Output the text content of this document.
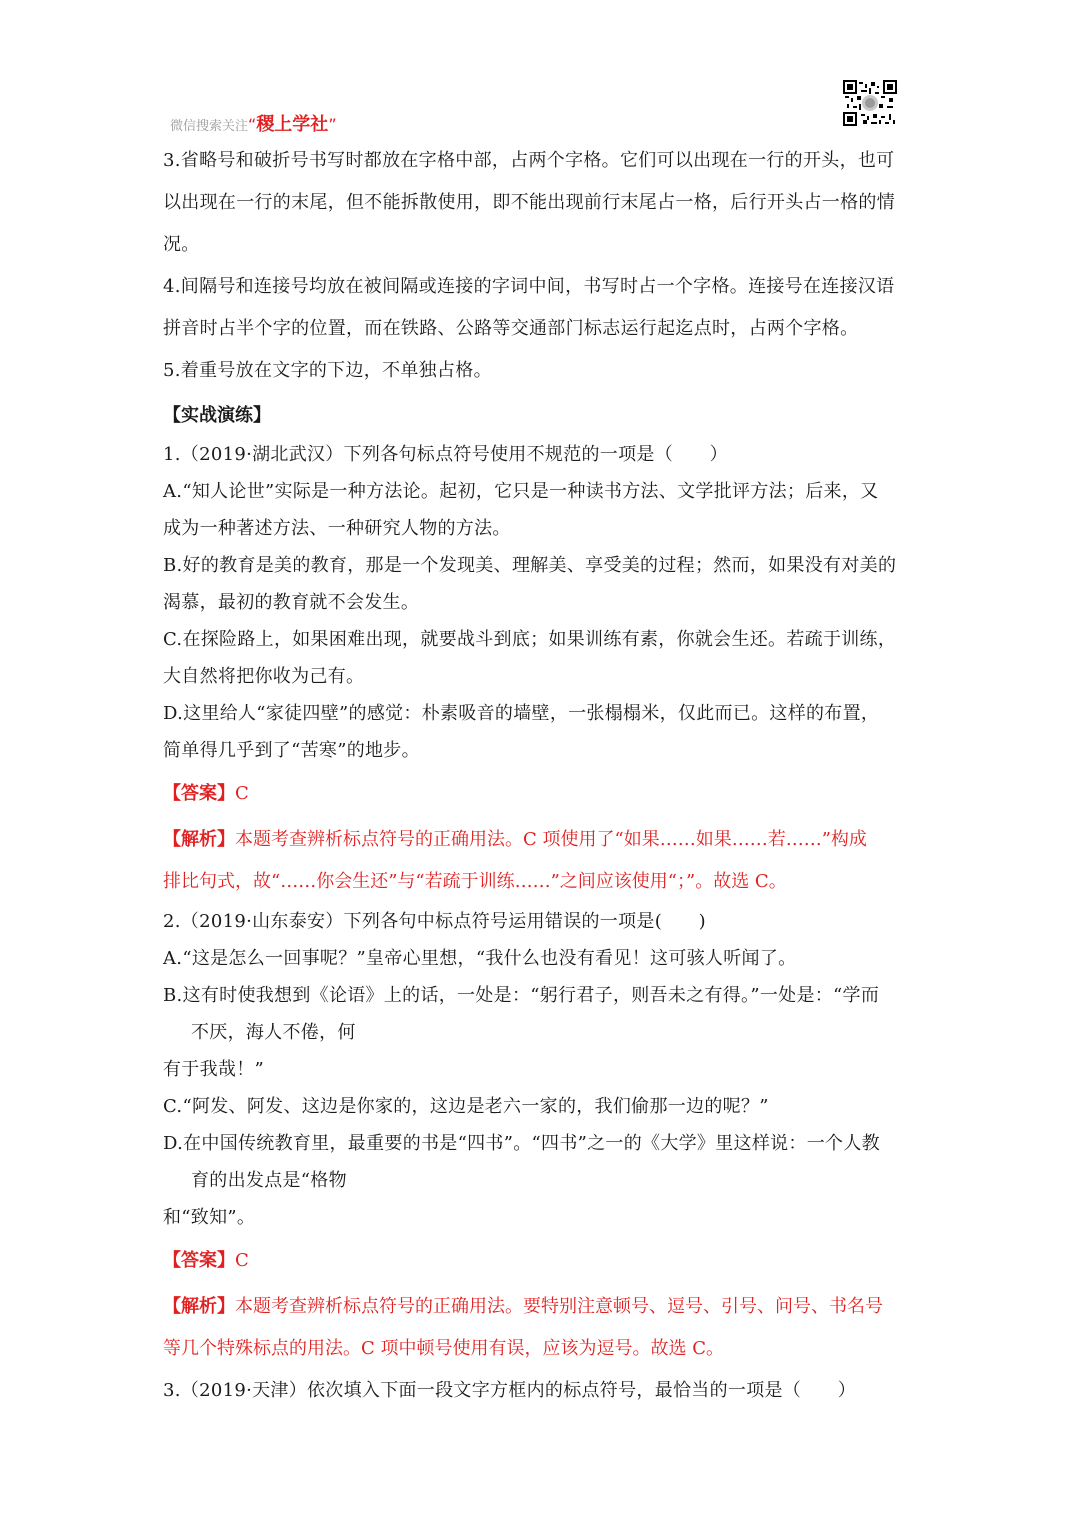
微信搜索关注“稷上学社”

3.省略号和破折号书写时都放在字格中部，占两个字格。它们可以出现在一行的开头，也可

以出现在一行的末尾，但不能拆散使用，即不能出现前行末尾占一格，后行开头占一格的情

况。

4.间隔号和连接号均放在被间隔或连接的字词中间，书写时占一个字格。连接号在连接汉语

拼音时占半个字的位置，而在铁路、公路等交通部门标志运行起迄点时，占两个字格。

5.着重号放在文字的下边，不单独占格。

【实战演练】

1.（2019·湖北武汉）下列各句标点符号使用不规范的一项是（　　）

A.“知人论世”实际是一种方法论。起初，它只是一种读书方法、文学批评方法；后来，又

成为一种著述方法、一种研究人物的方法。

B.好的教育是美的教育，那是一个发现美、理解美、享受美的过程；然而，如果没有对美的

渴慕，最初的教育就不会发生。

C.在探险路上，如果困难出现，就要战斗到底；如果训练有素，你就会生还。若疏于训练，

大自然将把你收为己有。

D.这里给人“家徒四壁”的感觉：朴素吸音的墙壁，一张榻榻米，仅此而已。这样的布置，

简单得几乎到了“苦寒”的地步。

【答案】C

【解析】本题考查辨析标点符号的正确用法。C 项使用了“如果……如果……若……”构成

排比句式，故“……你会生还”与“若疏于训练……”之间应该使用“；”。故选 C。

2.（2019·山东泰安）下列各句中标点符号运用错误的一项是(　　)

A.“这是怎么一回事呢？”皇帝心里想，“我什么也没有看见！这可骇人听闻了。

B.这有时使我想到《论语》上的话，一处是：“躬行君子，则吾未之有得。”一处是：“学而

不厌，海人不倦，何

有于我哉！”

C.“阿发、阿发、这边是你家的，这边是老六一家的，我们偷那一边的呢？”

D.在中国传统教育里，最重要的书是“四书”。“四书”之一的《大学》里这样说：一个人教

育的出发点是“格物

和“致知”。

【答案】C

【解析】本题考查辨析标点符号的正确用法。要特别注意顿号、逗号、引号、问号、书名号

等几个特殊标点的用法。C 项中顿号使用有误，应该为逗号。故选 C。

3.（2019·天津）依次填入下面一段文字方框内的标点符号，最恰当的一项是（　　）
